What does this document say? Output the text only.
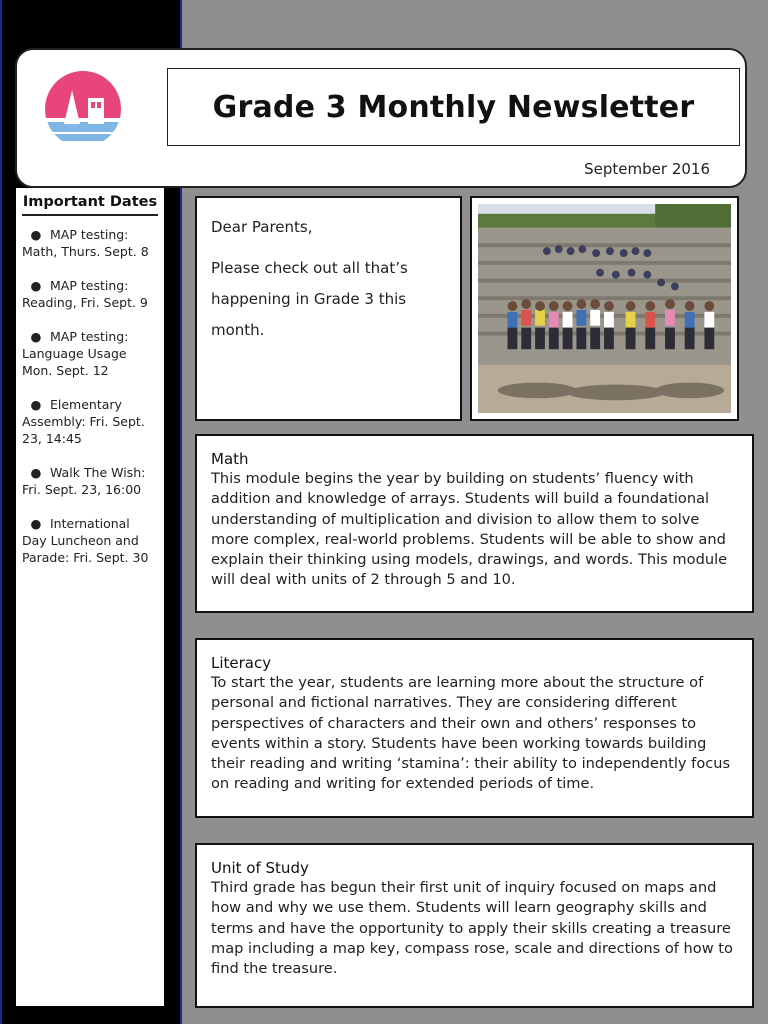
Grade 3 Monthly Newsletter
September 2016
Important Dates
● MAP testing: Math, Thurs. Sept. 8
● MAP testing: Reading, Fri. Sept. 9
● MAP testing: Language Usage Mon. Sept. 12
● Elementary Assembly: Fri. Sept. 23, 14:45
● Walk The Wish: Fri. Sept. 23, 16:00
● International Day Luncheon and Parade: Fri. Sept. 30

Dear Parents,

Please check out all that’s happening in Grade 3 this month.

Math

This module begins the year by building on students’ fluency with addition and knowledge of arrays. Students will build a foundational understanding of multiplication and division to allow them to solve more complex, real-world problems. Students will be able to show and explain their thinking using models, drawings, and words. This module will deal with units of 2 through 5 and 10.

Literacy

To start the year, students are learning more about the structure of personal and fictional narratives. They are considering different perspectives of characters and their own and others’ responses to events within a story. Students have been working towards building their reading and writing ‘stamina’: their ability to independently focus on reading and writing for extended periods of time.

Unit of Study

Third grade has begun their first unit of inquiry focused on maps and how and why we use them. Students will learn geography skills and terms and have the opportunity to apply their skills creating a treasure map including a map key, compass rose, scale and directions of how to find the treasure.
